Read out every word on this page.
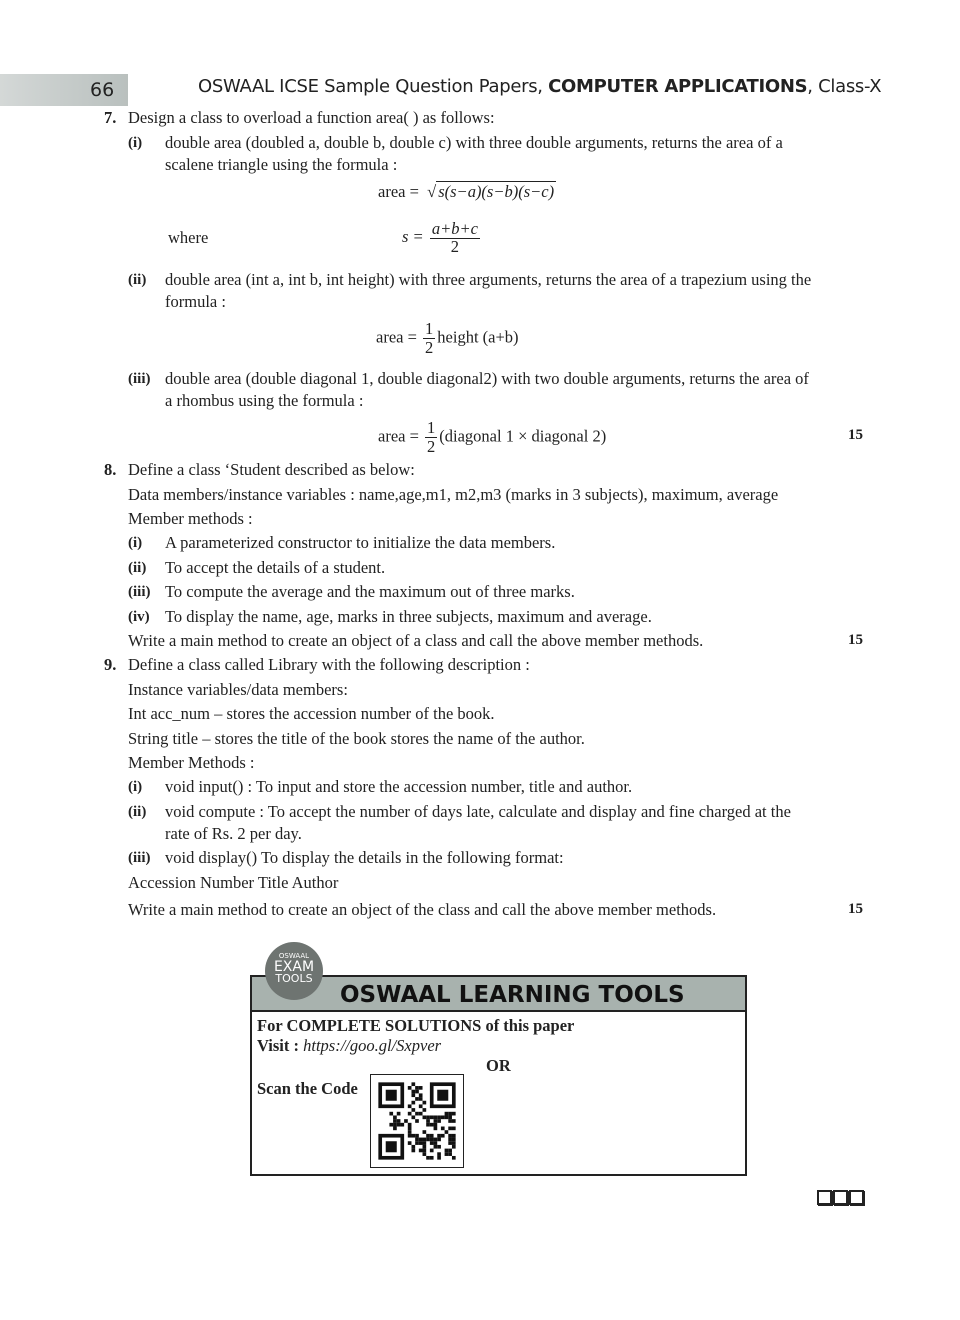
66	OSWAAL ICSE Sample Question Papers, COMPUTER APPLICATIONS, Class-X
7. Design a class to overload a function area( ) as follows:
(i) double area (doubled a, double b, double c) with three double arguments, returns the area of a
scalene triangle using the formula :
area =  √ s(s−a)(s−b)(s−c)
where	$s = \frac{a+b+c}{2}$
(ii) double area (int a, int b, int height) with three arguments, returns the area of a trapezium using the
formula :
area = $\frac{1}{2}$ height (a+b)
(iii) double area (double diagonal 1, double diagonal2) with two double arguments, returns the area of
a rhombus using the formula :
area = $\frac{1}{2}$ (diagonal 1 × diagonal 2)	15
8. Define a class ‘Student described as below:
Data members/instance variables : name,age,m1, m2,m3 (marks in 3 subjects), maximum, average
Member methods :
(i) A parameterized constructor to initialize the data members.
(ii) To accept the details of a student.
(iii) To compute the average and the maximum out of three marks.
(iv) To display the name, age, marks in three subjects, maximum and average.
Write a main method to create an object of a class and call the above member methods.	15
9. Define a class called Library with the following description :
Instance variables/data members:
Int acc_num – stores the accession number of the book.
String title – stores the title of the book stores the name of the author.
Member Methods :
(i) void input() : To input and store the accession number, title and author.
(ii) void compute : To accept the number of days late, calculate and display and fine charged at the
rate of Rs. 2 per day.
(iii) void display() To display the details in the following format:
Accession Number Title Author
Write a main method to create an object of the class and call the above member methods.	15
OSWAAL LEARNING TOOLS
For COMPLETE SOLUTIONS of this paper
Visit : https://goo.gl/Sxpver
OR
Scan the Code
OSWAAL
EXAM
TOOLS
